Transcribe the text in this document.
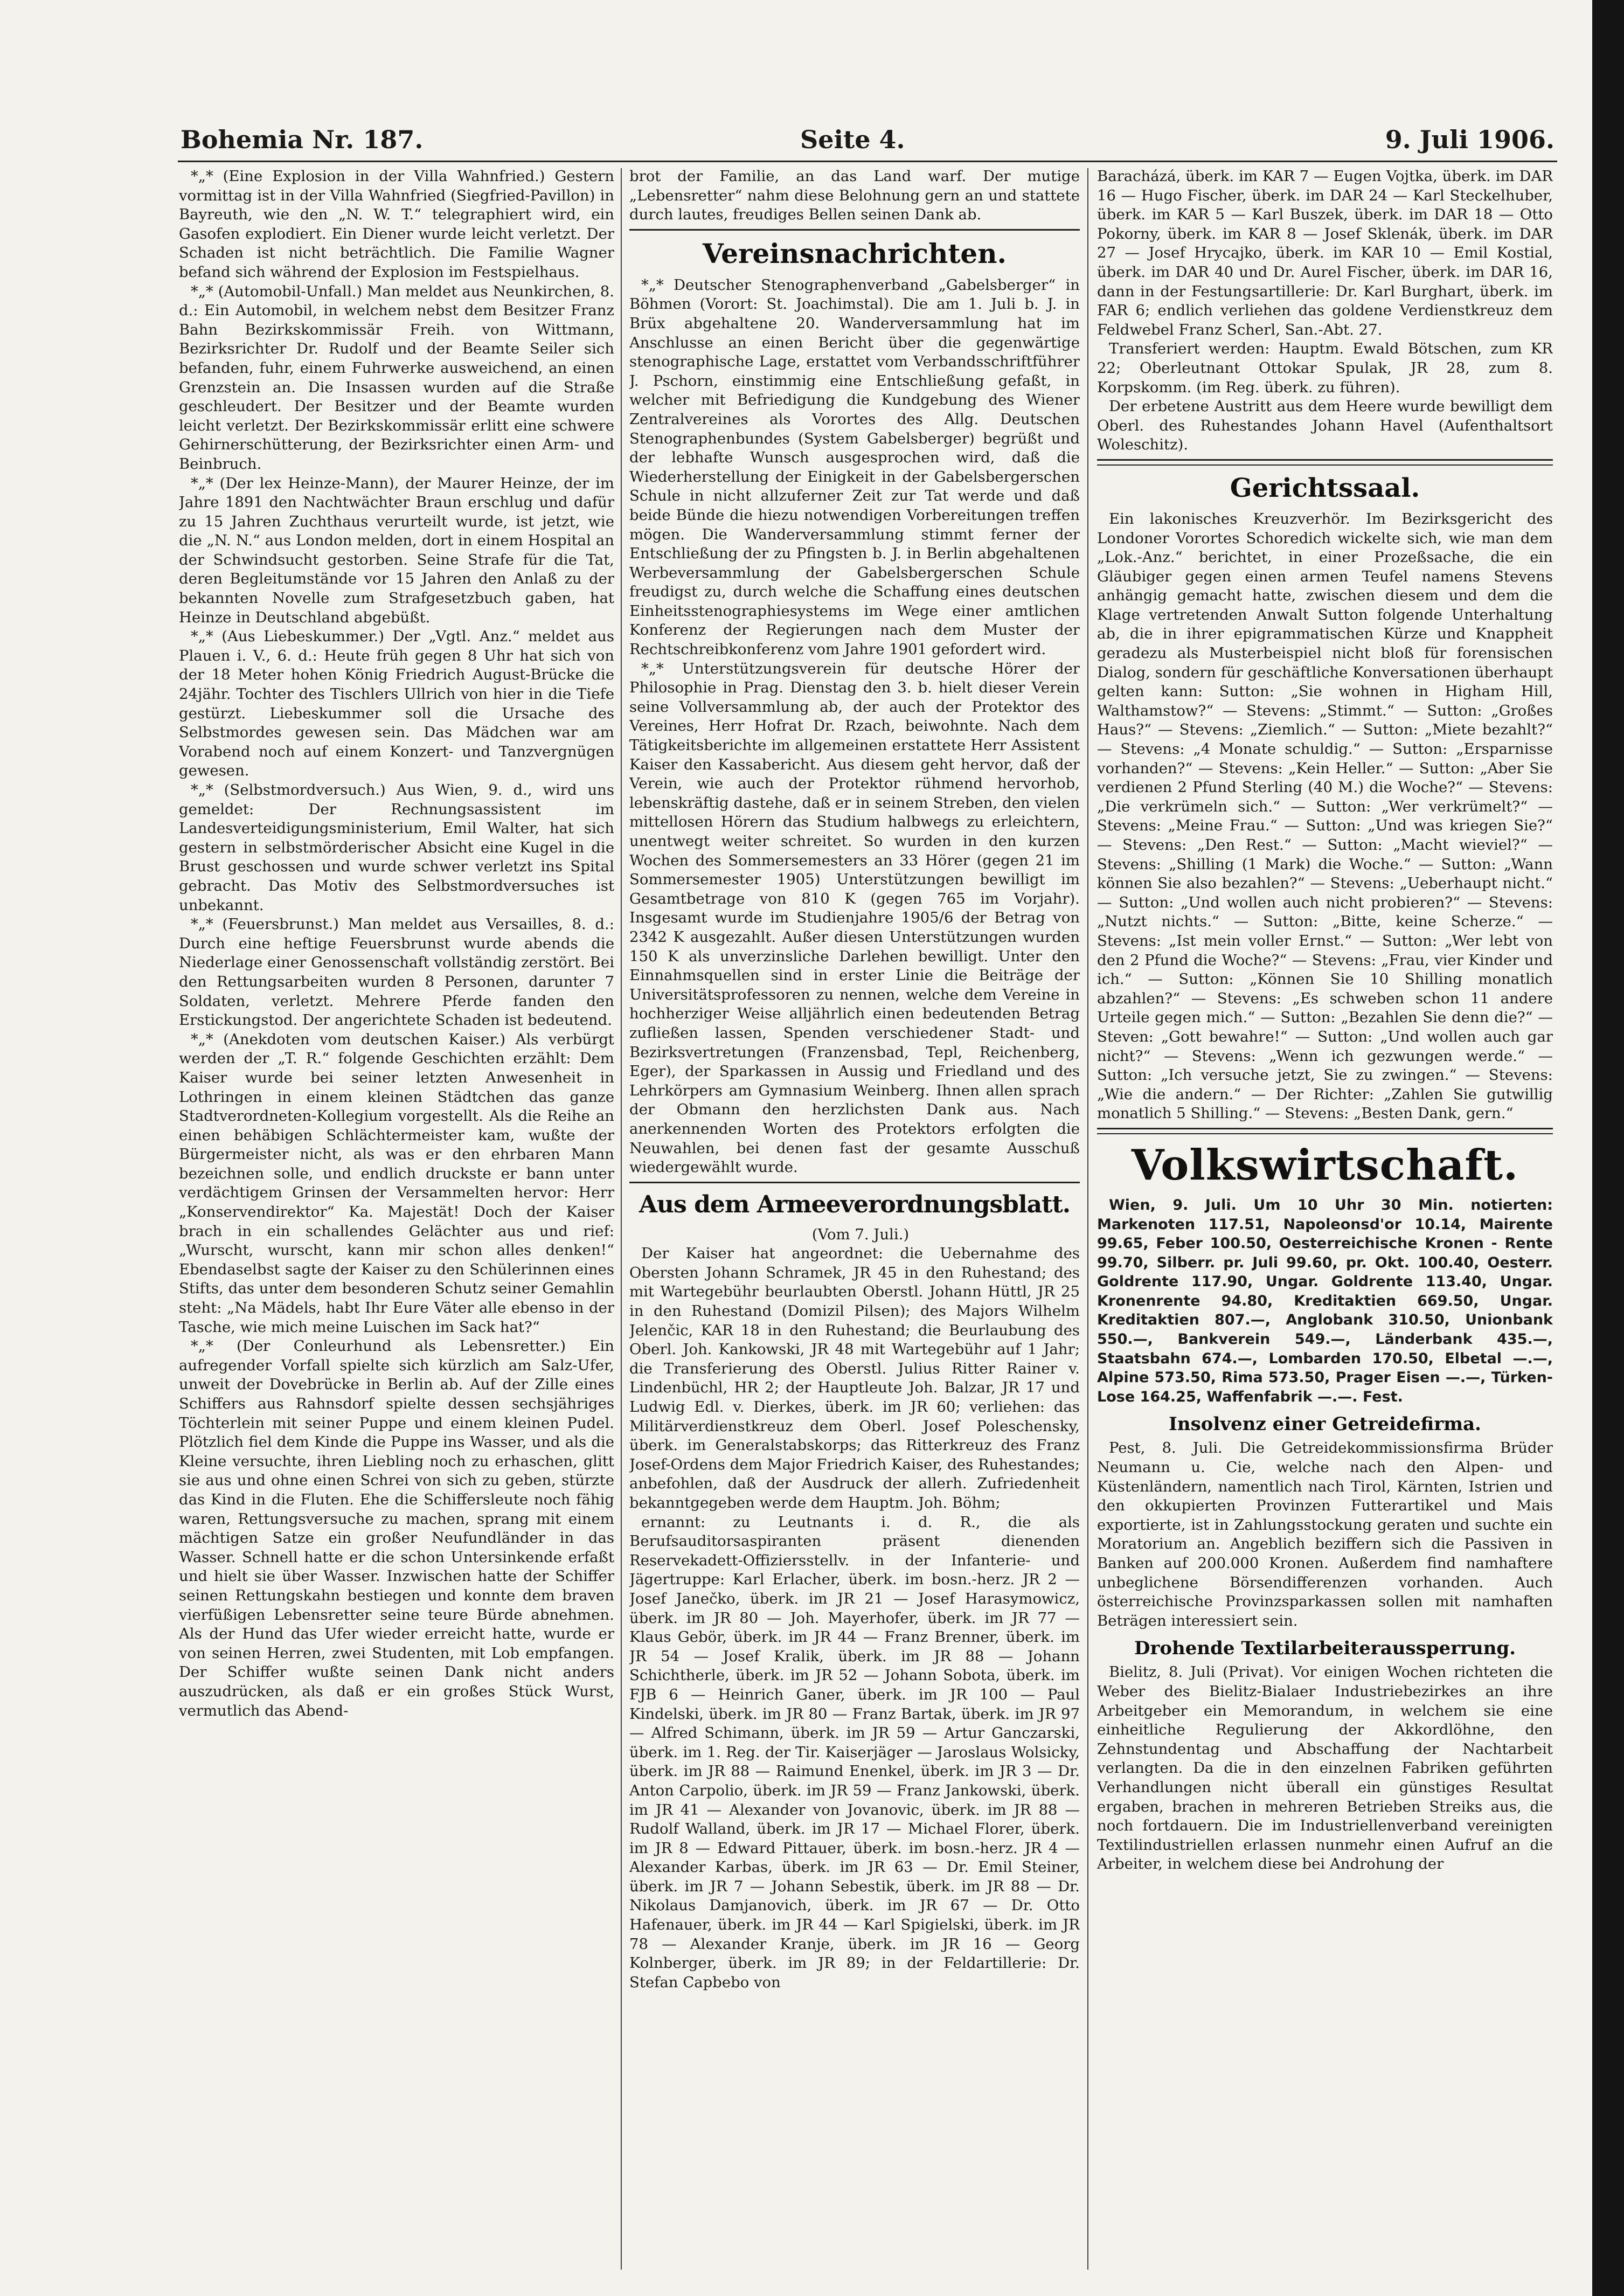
Bohemia Nr. 187.	Seite 4.	9. Juli 1906.

*„* (Eine Explosion in der Villa Wahnfried.) Gestern vormittag ist in der Villa Wahnfried (Siegfried-Pavillon) in Bayreuth, wie den „N. W. T.“ telegraphiert wird, ein Gasofen explodiert. Ein Diener wurde leicht verletzt. Der Schaden ist nicht beträchtlich. Die Familie Wagner befand sich während der Explosion im Festspielhaus.

*„* (Automobil-Unfall.) Man meldet aus Neunkirchen, 8. d.: Ein Automobil, in welchem nebst dem Besitzer Franz Bahn Bezirkskommissär Freih. von Wittmann, Bezirksrichter Dr. Rudolf und der Beamte Seiler sich befanden, fuhr, einem Fuhrwerke ausweichend, an einen Grenzstein an. Die Insassen wurden auf die Straße geschleudert. Der Besitzer und der Beamte wurden leicht verletzt. Der Bezirkskommissär erlitt eine schwere Gehirnerschütterung, der Bezirksrichter einen Arm- und Beinbruch.

*„* (Der lex Heinze-Mann), der Maurer Heinze, der im Jahre 1891 den Nachtwächter Braun erschlug und dafür zu 15 Jahren Zuchthaus verurteilt wurde, ist jetzt, wie die „N. N.“ aus London melden, dort in einem Hospital an der Schwindsucht gestorben. Seine Strafe für die Tat, deren Begleitumstände vor 15 Jahren den Anlaß zu der bekannten Novelle zum Strafgesetzbuch gaben, hat Heinze in Deutschland abgebüßt.

*„* (Aus Liebeskummer.) Der „Vgtl. Anz.“ meldet aus Plauen i. V., 6. d.: Heute früh gegen 8 Uhr hat sich von der 18 Meter hohen König Friedrich August-Brücke die 24jähr. Tochter des Tischlers Ullrich von hier in die Tiefe gestürzt. Liebeskummer soll die Ursache des Selbstmordes gewesen sein. Das Mädchen war am Vorabend noch auf einem Konzert- und Tanzvergnügen gewesen.

*„* (Selbstmordversuch.) Aus Wien, 9. d., wird uns gemeldet: Der Rechnungsassistent im Landesverteidigungsministerium, Emil Walter, hat sich gestern in selbstmörderischer Absicht eine Kugel in die Brust geschossen und wurde schwer verletzt ins Spital gebracht. Das Motiv des Selbstmordversuches ist unbekannt.

*„* (Feuersbrunst.) Man meldet aus Versailles, 8. d.: Durch eine heftige Feuersbrunst wurde abends die Niederlage einer Genossenschaft vollständig zerstört. Bei den Rettungsarbeiten wurden 8 Personen, darunter 7 Soldaten, verletzt. Mehrere Pferde fanden den Erstickungstod. Der angerichtete Schaden ist bedeutend.

*„* (Anekdoten vom deutschen Kaiser.) Als verbürgt werden der „T. R.“ folgende Geschichten erzählt: Dem Kaiser wurde bei seiner letzten Anwesenheit in Lothringen in einem kleinen Städtchen das ganze Stadtverordneten-Kollegium vorgestellt. Als die Reihe an einen behäbigen Schlächtermeister kam, wußte der Bürgermeister nicht, als was er den ehrbaren Mann bezeichnen solle, und endlich druckste er bann unter verdächtigem Grinsen der Versammelten hervor: Herr „Konservendirektor“ Ka. Majestät! Doch der Kaiser brach in ein schallendes Gelächter aus und rief: „Wurscht, wurscht, kann mir schon alles denken!“ Ebendaselbst sagte der Kaiser zu den Schülerinnen eines Stifts, das unter dem besonderen Schutz seiner Gemahlin steht: „Na Mädels, habt Ihr Eure Väter alle ebenso in der Tasche, wie mich meine Luischen im Sack hat?“

*„* (Der Conleurhund als Lebensretter.) Ein aufregender Vorfall spielte sich kürzlich am Salz-Ufer, unweit der Dovebrücke in Berlin ab. Auf der Zille eines Schiffers aus Rahnsdorf spielte dessen sechsjähriges Töchterlein mit seiner Puppe und einem kleinen Pudel. Plötzlich fiel dem Kinde die Puppe ins Wasser, und als die Kleine versuchte, ihren Liebling noch zu erhaschen, glitt sie aus und ohne einen Schrei von sich zu geben, stürzte das Kind in die Fluten. Ehe die Schiffersleute noch fähig waren, Rettungsversuche zu machen, sprang mit einem mächtigen Satze ein großer Neufundländer in das Wasser. Schnell hatte er die schon Untersinkende erfaßt und hielt sie über Wasser. Inzwischen hatte der Schiffer seinen Rettungskahn bestiegen und konnte dem braven vierfüßigen Lebensretter seine teure Bürde abnehmen. Als der Hund das Ufer wieder erreicht hatte, wurde er von seinen Herren, zwei Studenten, mit Lob empfangen. Der Schiffer wußte seinen Dank nicht anders auszudrücken, als daß er ein großes Stück Wurst, vermutlich das Abend-

brot der Familie, an das Land warf. Der mutige „Lebensretter“ nahm diese Belohnung gern an und stattete durch lautes, freudiges Bellen seinen Dank ab.

Vereinsnachrichten.

*„* Deutscher Stenographenverband „Gabelsberger“ in Böhmen (Vorort: St. Joachimstal). Die am 1. Juli b. J. in Brüx abgehaltene 20. Wanderversammlung hat im Anschlusse an einen Bericht über die gegenwärtige stenographische Lage, erstattet vom Verbandsschriftführer J. Pschorn, einstimmig eine Entschließung gefaßt, in welcher mit Befriedigung die Kundgebung des Wiener Zentralvereines als Vorortes des Allg. Deutschen Stenographenbundes (System Gabelsberger) begrüßt und der lebhafte Wunsch ausgesprochen wird, daß die Wiederherstellung der Einigkeit in der Gabelsbergerschen Schule in nicht allzuferner Zeit zur Tat werde und daß beide Bünde die hiezu notwendigen Vorbereitungen treffen mögen. Die Wanderversammlung stimmt ferner der Entschließung der zu Pfingsten b. J. in Berlin abgehaltenen Werbeversammlung der Gabelsbergerschen Schule freudigst zu, durch welche die Schaffung eines deutschen Einheitsstenographiesystems im Wege einer amtlichen Konferenz der Regierungen nach dem Muster der Rechtschreibkonferenz vom Jahre 1901 gefordert wird.

*„* Unterstützungsverein für deutsche Hörer der Philosophie in Prag. Dienstag den 3. b. hielt dieser Verein seine Vollversammlung ab, der auch der Protektor des Vereines, Herr Hofrat Dr. Rzach, beiwohnte. Nach dem Tätigkeitsberichte im allgemeinen erstattete Herr Assistent Kaiser den Kassabericht. Aus diesem geht hervor, daß der Verein, wie auch der Protektor rühmend hervorhob, lebenskräftig dastehe, daß er in seinem Streben, den vielen mittellosen Hörern das Studium halbwegs zu erleichtern, unentwegt weiter schreitet. So wurden in den kurzen Wochen des Sommersemesters an 33 Hörer (gegen 21 im Sommersemester 1905) Unterstützungen bewilligt im Gesamtbetrage von 810 K (gegen 765 im Vorjahr). Insgesamt wurde im Studienjahre 1905/6 der Betrag von 2342 K ausgezahlt. Außer diesen Unterstützungen wurden 150 K als unverzinsliche Darlehen bewilligt. Unter den Einnahmsquellen sind in erster Linie die Beiträge der Universitätsprofessoren zu nennen, welche dem Vereine in hochherziger Weise alljährlich einen bedeutenden Betrag zufließen lassen, Spenden verschiedener Stadt- und Bezirksvertretungen (Franzensbad, Tepl, Reichenberg, Eger), der Sparkassen in Aussig und Friedland und des Lehrkörpers am Gymnasium Weinberg. Ihnen allen sprach der Obmann den herzlichsten Dank aus. Nach anerkennenden Worten des Protektors erfolgten die Neuwahlen, bei denen fast der gesamte Ausschuß wiedergewählt wurde.

Aus dem Armeeverordnungsblatt.

(Vom 7. Juli.)

Der Kaiser hat angeordnet: die Uebernahme des Obersten Johann Schramek, JR 45 in den Ruhestand; des mit Wartegebühr beurlaubten Oberstl. Johann Hüttl, JR 25 in den Ruhestand (Domizil Pilsen); des Majors Wilhelm Jelenčic, KAR 18 in den Ruhestand; die Beurlaubung des Oberl. Joh. Kankowski, JR 48 mit Wartegebühr auf 1 Jahr; die Transferierung des Oberstl. Julius Ritter Rainer v. Lindenbüchl, HR 2; der Hauptleute Joh. Balzar, JR 17 und Ludwig Edl. v. Dierkes, überk. im JR 60; verliehen: das Militärverdienstkreuz dem Oberl. Josef Poleschensky, überk. im Generalstabskorps; das Ritterkreuz des Franz Josef-Ordens dem Major Friedrich Kaiser, des Ruhestandes; anbefohlen, daß der Ausdruck der allerh. Zufriedenheit bekanntgegeben werde dem Hauptm. Joh. Böhm;

ernannt: zu Leutnants i. d. R., die als Berufsauditorsaspiranten präsent dienenden Reservekadett-Offiziersstellv. in der Infanterie- und Jägertruppe: Karl Erlacher, überk. im bosn.-herz. JR 2 — Josef Janečko, überk. im JR 21 — Josef Harasymowicz, überk. im JR 80 — Joh. Mayerhofer, überk. im JR 77 — Klaus Gebör, überk. im JR 44 — Franz Brenner, überk. im JR 54 — Josef Kralik, überk. im JR 88 — Johann Schichtherle, überk. im JR 52 — Johann Sobota, überk. im FJB 6 — Heinrich Ganer, überk. im JR 100 — Paul Kindelski, überk. im JR 80 — Franz Bartak, überk. im JR 97 — Alfred Schimann, überk. im JR 59 — Artur Ganczarski, überk. im 1. Reg. der Tir. Kaiserjäger — Jaroslaus Wolsicky, überk. im JR 88 — Raimund Enenkel, überk. im JR 3 — Dr. Anton Carpolio, überk. im JR 59 — Franz Jankowski, überk. im JR 41 — Alexander von Jovanovic, überk. im JR 88 — Rudolf Walland, überk. im JR 17 — Michael Florer, überk. im JR 8 — Edward Pittauer, überk. im bosn.-herz. JR 4 — Alexander Karbas, überk. im JR 63 — Dr. Emil Steiner, überk. im JR 7 — Johann Sebestik, überk. im JR 88 — Dr. Nikolaus Damjanovich, überk. im JR 67 — Dr. Otto Hafenauer, überk. im JR 44 — Karl Spigielski, überk. im JR 78 — Alexander Kranje, überk. im JR 16 — Georg Kolnberger, überk. im JR 89; in der Feldartillerie: Dr. Stefan Capbebo von

Baracházá, überk. im KAR 7 — Eugen Vojtka, überk. im DAR 16 — Hugo Fischer, überk. im DAR 24 — Karl Steckelhuber, überk. im KAR 5 — Karl Buszek, überk. im DAR 18 — Otto Pokorny, überk. im KAR 8 — Josef Sklenák, überk. im DAR 27 — Josef Hrycajko, überk. im KAR 10 — Emil Kostial, überk. im DAR 40 und Dr. Aurel Fischer, überk. im DAR 16, dann in der Festungsartillerie: Dr. Karl Burghart, überk. im FAR 6; endlich verliehen das goldene Verdienstkreuz dem Feldwebel Franz Scherl, San.-Abt. 27.

Transferiert werden: Hauptm. Ewald Bötschen, zum KR 22; Oberleutnant Ottokar Spulak, JR 28, zum 8. Korpskomm. (im Reg. überk. zu führen).

Der erbetene Austritt aus dem Heere wurde bewilligt dem Oberl. des Ruhestandes Johann Havel (Aufenthaltsort Woleschitz).

Gerichtssaal.

Ein lakonisches Kreuzverhör. Im Bezirksgericht des Londoner Vorortes Schoredich wickelte sich, wie man dem „Lok.-Anz.“ berichtet, in einer Prozeßsache, die ein Gläubiger gegen einen armen Teufel namens Stevens anhängig gemacht hatte, zwischen diesem und dem die Klage vertretenden Anwalt Sutton folgende Unterhaltung ab, die in ihrer epigrammatischen Kürze und Knappheit geradezu als Musterbeispiel nicht bloß für forensischen Dialog, sondern für geschäftliche Konversationen überhaupt gelten kann: Sutton: „Sie wohnen in Higham Hill, Walthamstow?“ — Stevens: „Stimmt.“ — Sutton: „Großes Haus?“ — Stevens: „Ziemlich.“ — Sutton: „Miete bezahlt?“ — Stevens: „4 Monate schuldig.“ — Sutton: „Ersparnisse vorhanden?“ — Stevens: „Kein Heller.“ — Sutton: „Aber Sie verdienen 2 Pfund Sterling (40 M.) die Woche?“ — Stevens: „Die verkrümeln sich.“ — Sutton: „Wer verkrümelt?“ — Stevens: „Meine Frau.“ — Sutton: „Und was kriegen Sie?“ — Stevens: „Den Rest.“ — Sutton: „Macht wieviel?“ — Stevens: „Shilling (1 Mark) die Woche.“ — Sutton: „Wann können Sie also bezahlen?“ — Stevens: „Ueberhaupt nicht.“ — Sutton: „Und wollen auch nicht probieren?“ — Stevens: „Nutzt nichts.“ — Sutton: „Bitte, keine Scherze.“ — Stevens: „Ist mein voller Ernst.“ — Sutton: „Wer lebt von den 2 Pfund die Woche?“ — Stevens: „Frau, vier Kinder und ich.“ — Sutton: „Können Sie 10 Shilling monatlich abzahlen?“ — Stevens: „Es schweben schon 11 andere Urteile gegen mich.“ — Sutton: „Bezahlen Sie denn die?“ — Steven: „Gott bewahre!“ — Sutton: „Und wollen auch gar nicht?“ — Stevens: „Wenn ich gezwungen werde.“ — Sutton: „Ich versuche jetzt, Sie zu zwingen.“ — Stevens: „Wie die andern.“ — Der Richter: „Zahlen Sie gutwillig monatlich 5 Shilling.“ — Stevens: „Besten Dank, gern.“

Volkswirtschaft.

Wien, 9. Juli. Um 10 Uhr 30 Min. notierten: Markenoten 117.51, Napoleonsd'or 10.14, Mairente 99.65, Feber 100.50, Oesterreichische Kronen - Rente 99.70, Silberr. pr. Juli 99.60, pr. Okt. 100.40, Oesterr. Goldrente 117.90, Ungar. Goldrente 113.40, Ungar. Kronenrente 94.80, Kreditaktien 669.50, Ungar. Kreditaktien 807.—, Anglobank 310.50, Unionbank 550.—, Bankverein 549.—, Länderbank 435.—, Staatsbahn 674.—, Lombarden 170.50, Elbetal —.—, Alpine 573.50, Rima 573.50, Prager Eisen —.—, Türken-Lose 164.25, Waffenfabrik —.—. Fest.

Insolvenz einer Getreidefirma.

Pest, 8. Juli. Die Getreidekommissionsfirma Brüder Neumann u. Cie, welche nach den Alpen- und Küstenländern, namentlich nach Tirol, Kärnten, Istrien und den okkupierten Provinzen Futterartikel und Mais exportierte, ist in Zahlungsstockung geraten und suchte ein Moratorium an. Angeblich beziffern sich die Passiven in Banken auf 200.000 Kronen. Außerdem find namhaftere unbeglichene Börsendifferenzen vorhanden. Auch österreichische Provinzsparkassen sollen mit namhaften Beträgen interessiert sein.

Drohende Textilarbeiteraussperrung.

Bielitz, 8. Juli (Privat). Vor einigen Wochen richteten die Weber des Bielitz-Bialaer Industriebezirkes an ihre Arbeitgeber ein Memorandum, in welchem sie eine einheitliche Regulierung der Akkordlöhne, den Zehnstundentag und Abschaffung der Nachtarbeit verlangten. Da die in den einzelnen Fabriken geführten Verhandlungen nicht überall ein günstiges Resultat ergaben, brachen in mehreren Betrieben Streiks aus, die noch fortdauern. Die im Industriellenverband vereinigten Textilindustriellen erlassen nunmehr einen Aufruf an die Arbeiter, in welchem diese bei Androhung der
